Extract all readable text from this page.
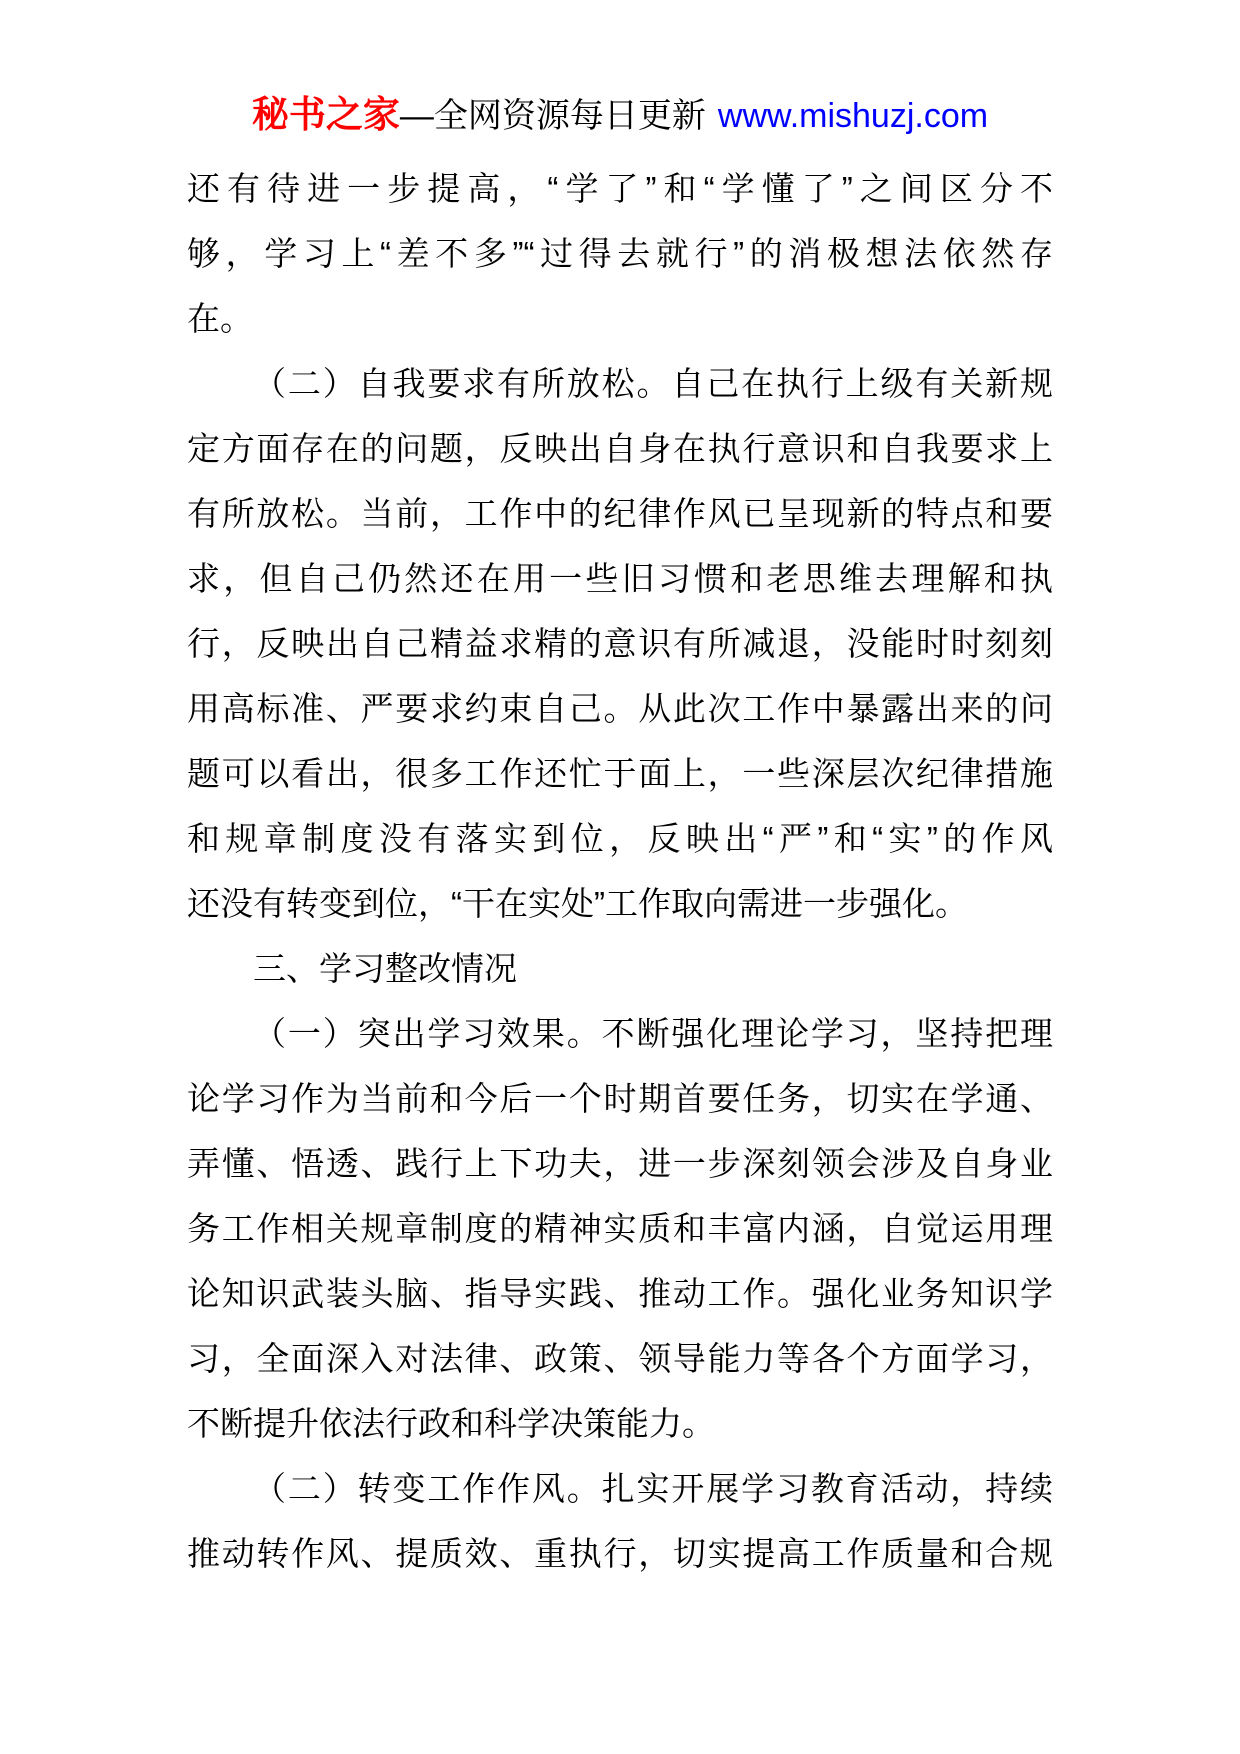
秘书之家—全网资源每日更新 www.mishuzj.com
还有待进一步提高，“学了”和“学懂了”之间区分不
够，学习上“差不多”“过得去就行”的消极想法依然存
在。
（二）自我要求有所放松。自己在执行上级有关新规
定方面存在的问题，反映出自身在执行意识和自我要求上
有所放松。当前，工作中的纪律作风已呈现新的特点和要
求，但自己仍然还在用一些旧习惯和老思维去理解和执
行，反映出自己精益求精的意识有所减退，没能时时刻刻
用高标准、严要求约束自己。从此次工作中暴露出来的问
题可以看出，很多工作还忙于面上，一些深层次纪律措施
和规章制度没有落实到位，反映出“严”和“实”的作风
还没有转变到位，“干在实处”工作取向需进一步强化。
三、学习整改情况
（一）突出学习效果。不断强化理论学习，坚持把理
论学习作为当前和今后一个时期首要任务，切实在学通、
弄懂、悟透、践行上下功夫，进一步深刻领会涉及自身业
务工作相关规章制度的精神实质和丰富内涵，自觉运用理
论知识武装头脑、指导实践、推动工作。强化业务知识学
习，全面深入对法律、政策、领导能力等各个方面学习，
不断提升依法行政和科学决策能力。
（二）转变工作作风。扎实开展学习教育活动，持续
推动转作风、提质效、重执行，切实提高工作质量和合规
